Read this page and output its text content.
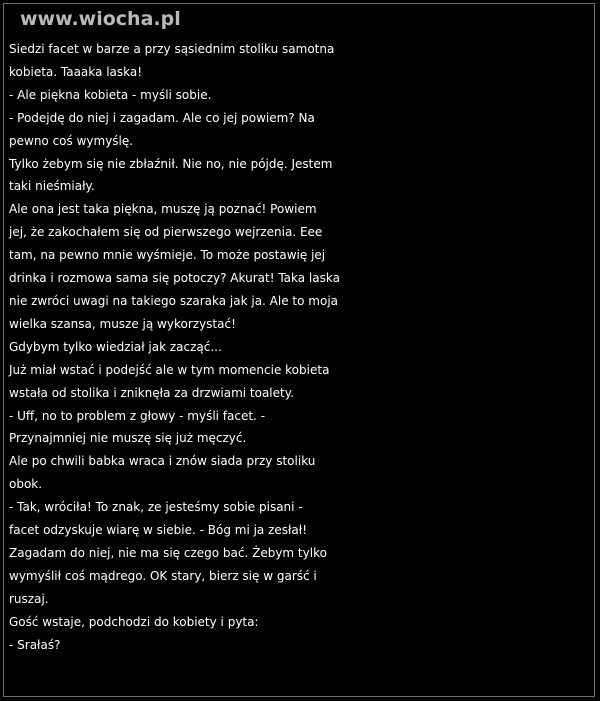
www.wiocha.pl
Siedzi facet w barze a przy sąsiednim stoliku samotna
kobieta. Taaaka laska!
- Ale piękna kobieta - myśli sobie.
- Podejdę do niej i zagadam. Ale co jej powiem? Na
pewno coś wymyślę.
Tylko żebym się nie zbłaźnił. Nie no, nie pójdę. Jestem
taki nieśmiały.
Ale ona jest taka piękna, muszę ją poznać! Powiem
jej, że zakochałem się od pierwszego wejrzenia. Eee
tam, na pewno mnie wyśmieje. To może postawię jej
drinka i rozmowa sama się potoczy? Akurat! Taka laska
nie zwróci uwagi na takiego szaraka jak ja. Ale to moja
wielka szansa, musze ją wykorzystać!
Gdybym tylko wiedział jak zacząć...
Już miał wstać i podejść ale w tym momencie kobieta
wstała od stolika i zniknęła za drzwiami toalety.
- Uff, no to problem z głowy - myśli facet. -
Przynajmniej nie muszę się już męczyć.
Ale po chwili babka wraca i znów siada przy stoliku
obok.
- Tak, wróciła! To znak, ze jesteśmy sobie pisani -
facet odzyskuje wiarę w siebie. - Bóg mi ja zesłał!
Zagadam do niej, nie ma się czego bać. Żebym tylko
wymyślił coś mądrego. OK stary, bierz się w garść i
ruszaj.
Gość wstaje, podchodzi do kobiety i pyta:
- Srałaś?
